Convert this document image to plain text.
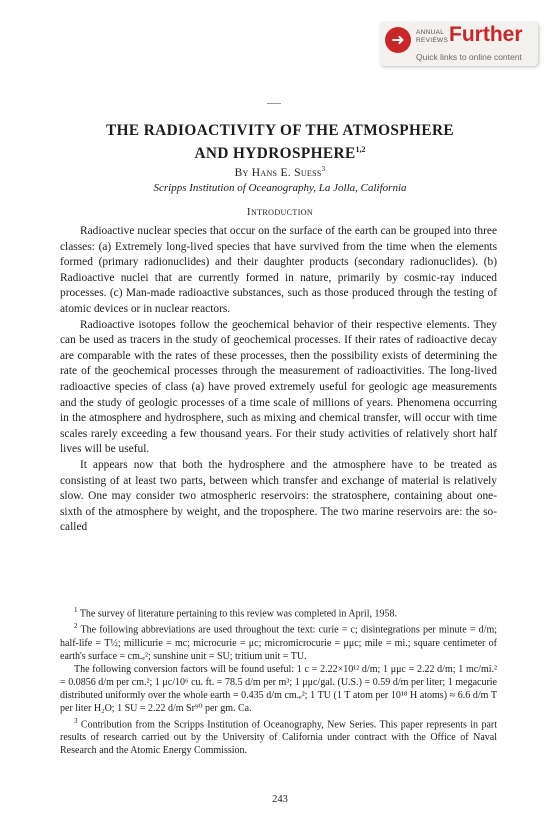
➜	ANNUAL
REVIEWS Further
Quick links to online content
THE RADIOACTIVITY OF THE ATMOSPHERE
AND HYDROSPHERE$^{1,2}$
By Hans E. Suess$^3$
Scripps Institution of Oceanography, La Jolla, California
Introduction

Radioactive nuclear species that occur on the surface of the earth can be grouped into three classes: (a) Extremely long-lived species that have survived from the time when the elements formed (primary radionuclides) and their daughter products (secondary radionuclides). (b) Radioactive nuclei that are currently formed in nature, primarily by cosmic-ray induced processes. (c) Man-made radioactive substances, such as those produced through the testing of atomic devices or in nuclear reactors.

Radioactive isotopes follow the geochemical behavior of their respective elements. They can be used as tracers in the study of geochemical processes. If their rates of radioactive decay are comparable with the rates of these processes, then the possibility exists of determining the rate of the geochemical processes through the measurement of radioactivities. The long-lived radioactive species of class (a) have proved extremely useful for geologic age measurements and the study of geologic processes of a time scale of millions of years. Phenomena occurring in the atmosphere and hydrosphere, such as mixing and chemical transfer, will occur with time scales rarely exceeding a few thousand years. For their study activities of relatively short half lives will be useful.

It appears now that both the hydrosphere and the atmosphere have to be treated as consisting of at least two parts, between which transfer and exchange of material is relatively slow. One may consider two atmospheric reservoirs: the stratosphere, containing about one-sixth of the atmosphere by weight, and the troposphere. The two marine reservoirs are: the so-called

$^1$ The survey of literature pertaining to this review was completed in April, 1958.

$^2$ The following abbreviations are used throughout the text: curie = c; disintegrations per minute = d/m; half-life = T½; millicurie = mc; microcurie = μc; micromicrocurie = μμc; mile = mi.; square centimeter of earth's surface = cm.ₑ²; sunshine unit = SU; tritium unit = TU.

The following conversion factors will be found useful: 1 c = 2.22×10¹² d/m; 1 μμc = 2.22 d/m; 1 mc/mi.² = 0.0856 d/m per cm.²; 1 μc/10⁶ cu. ft. = 78.5 d/m per m³; 1 μμc/gal. (U.S.) = 0.59 d/m per liter; 1 megacurie distributed uniformly over the whole earth = 0.435 d/m cm.ₑ²; 1 TU (1 T atom per 10¹⁸ H atoms) ≈ 6.6 d/m T per liter H₂O; 1 SU = 2.22 d/m Sr⁹⁰ per gm. Ca.

$^3$ Contribution from the Scripps Institution of Oceanography, New Series. This paper represents in part results of research carried out by the University of California under contract with the Office of Naval Research and the Atomic Energy Commission.

243
